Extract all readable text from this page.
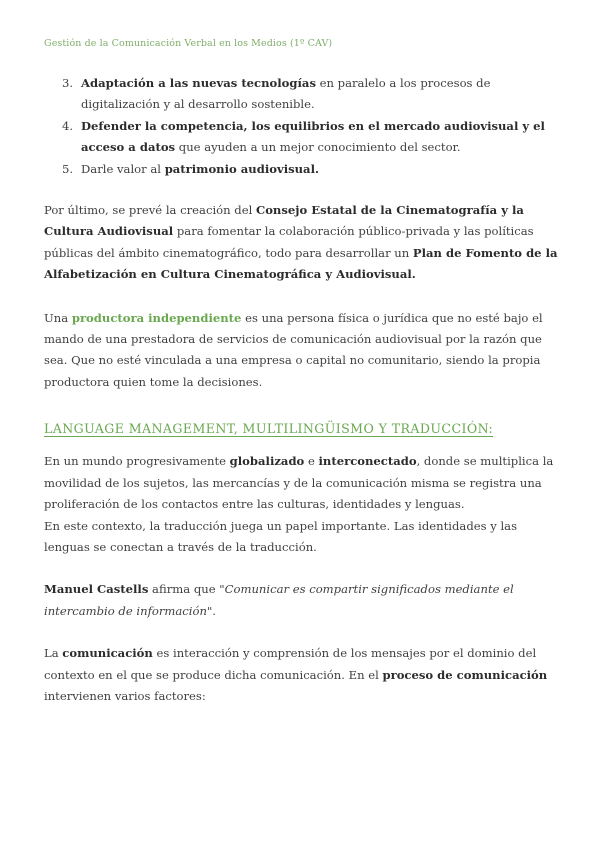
Gestión de la Comunicación Verbal en los Medios (1º CAV)
3. Adaptación a las nuevas tecnologías en paralelo a los procesos de digitalización y al desarrollo sostenible.
4. Defender la competencia, los equilibrios en el mercado audiovisual y el acceso a datos que ayuden a un mejor conocimiento del sector.
5. Darle valor al patrimonio audiovisual.

Por último, se prevé la creación del Consejo Estatal de la Cinematografía y la Cultura Audiovisual para fomentar la colaboración público-privada y las políticas públicas del ámbito cinematográfico, todo para desarrollar un Plan de Fomento de la Alfabetización en Cultura Cinematográfica y Audiovisual.

Una productora independiente es una persona física o jurídica que no esté bajo el mando de una prestadora de servicios de comunicación audiovisual por la razón que sea. Que no esté vinculada a una empresa o capital no comunitario, siendo la propia productora quien tome la decisiones.

LANGUAGE MANAGEMENT, MULTILINGÜISMO Y TRADUCCIÓN:

En un mundo progresivamente globalizado e interconectado, donde se multiplica la movilidad de los sujetos, las mercancías y de la comunicación misma se registra una proliferación de los contactos entre las culturas, identidades y lenguas.

En este contexto, la traducción juega un papel importante. Las identidades y las lenguas se conectan a través de la traducción.

Manuel Castells afirma que "Comunicar es compartir significados mediante el intercambio de información".

La comunicación es interacción y comprensión de los mensajes por el dominio del contexto en el que se produce dicha comunicación. En el proceso de comunicación intervienen varios factores:
